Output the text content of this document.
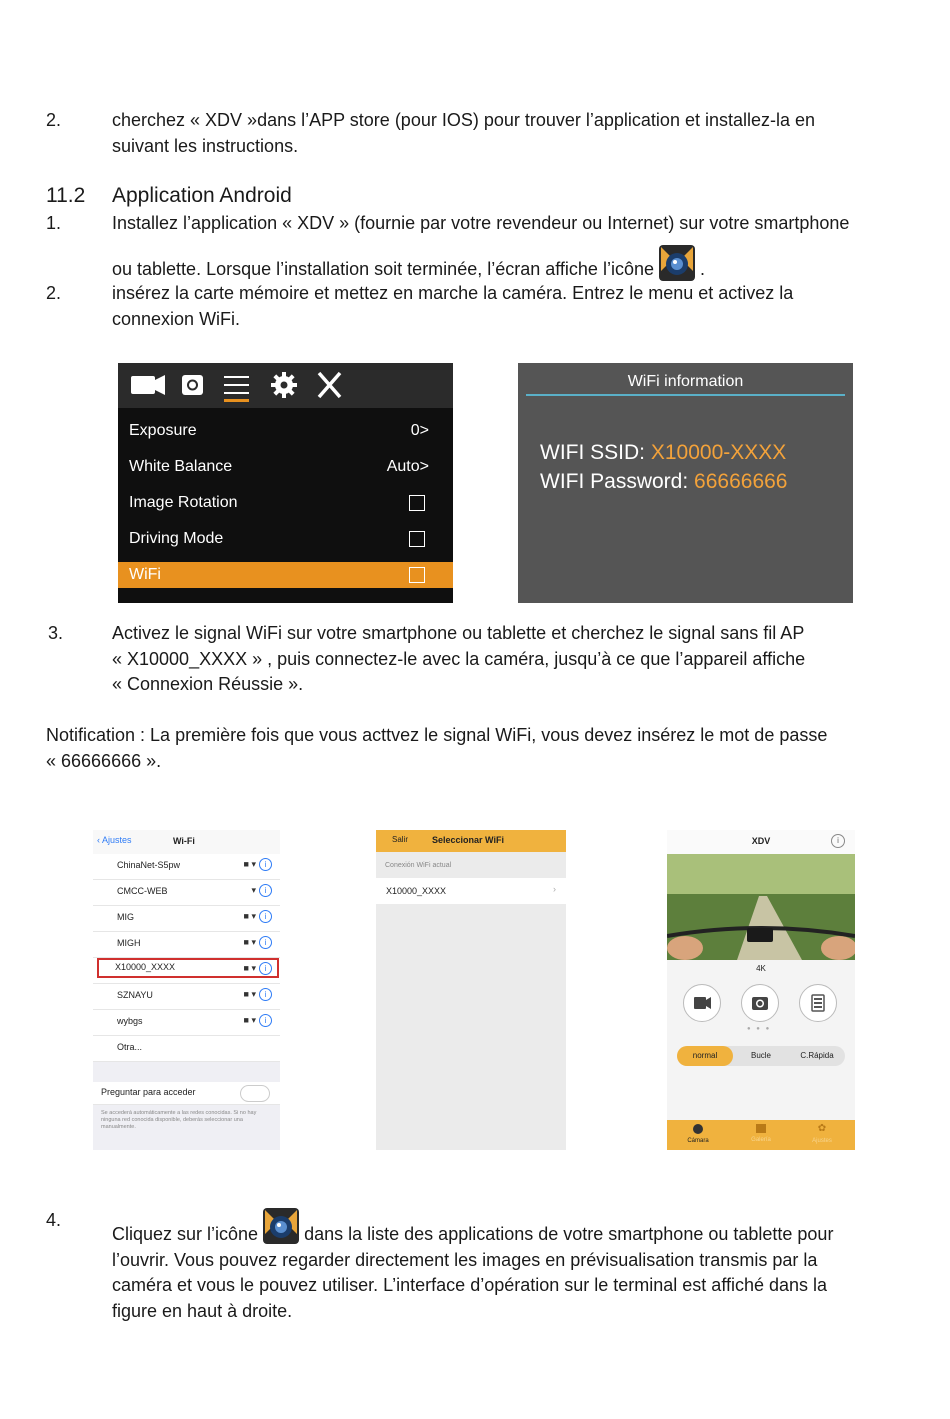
2.	cherchez « XDV »dans l’APP store (pour IOS) pour trouver l’application et installez-la en
suivant les instructions.
11.2 Application Android
1.	Installez l’application « XDV » (fournie par votre revendeur ou Internet) sur votre smartphone
ou tablette. Lorsque l’installation soit terminée, l’écran affiche l’icône	.
2.	insérez la carte mémoire et mettez en marche la caméra. Entrez le menu et activez la
connexion WiFi.
Exposure	0>
White Balance	Auto>
Image Rotation
Driving Mode
WiFi
WiFi information
WIFI SSID: X10000-XXXX
WIFI Password: 66666666
3.	Activez le signal WiFi sur votre smartphone ou tablette et cherchez le signal sans fil AP
« X10000_XXXX » , puis connectez-le avec la caméra, jusqu’à ce que l’appareil affiche
« Connexion Réussie ».
Notification : La première fois que vous acttvez le signal WiFi, vous devez insérez le mot de passe
« 66666666 ».
‹ Ajustes	Wi-Fi
ChinaNet-S5pw	■ ▾ i
CMCC-WEB	▾ i
MIG	■ ▾ i
MIGH	■ ▾ i
X10000_XXXX	■ ▾ i
SZNAYU	■ ▾ i
wybgs	■ ▾ i
Otra...
Preguntar para acceder
Se accederá automáticamente a las redes conocidas. Si no hay ninguna red conocida disponible, deberás seleccionar una manualmente.
Salir	Seleccionar WiFi
Conexión WiFi actual
X10000_XXXX	›
XDV	i
4K
● ● ●
normal	Bucle	C.Rápida
Cámara	Galería
✿
Ajustes
4.
Cliquez sur l’icône	dans la liste des applications de votre smartphone ou tablette pour
l’ouvrir. Vous pouvez regarder directement les images en prévisualisation transmis par la
caméra et vous le pouvez utiliser. L’interface d’opération sur le terminal est affiché dans la
figure en haut à droite.
